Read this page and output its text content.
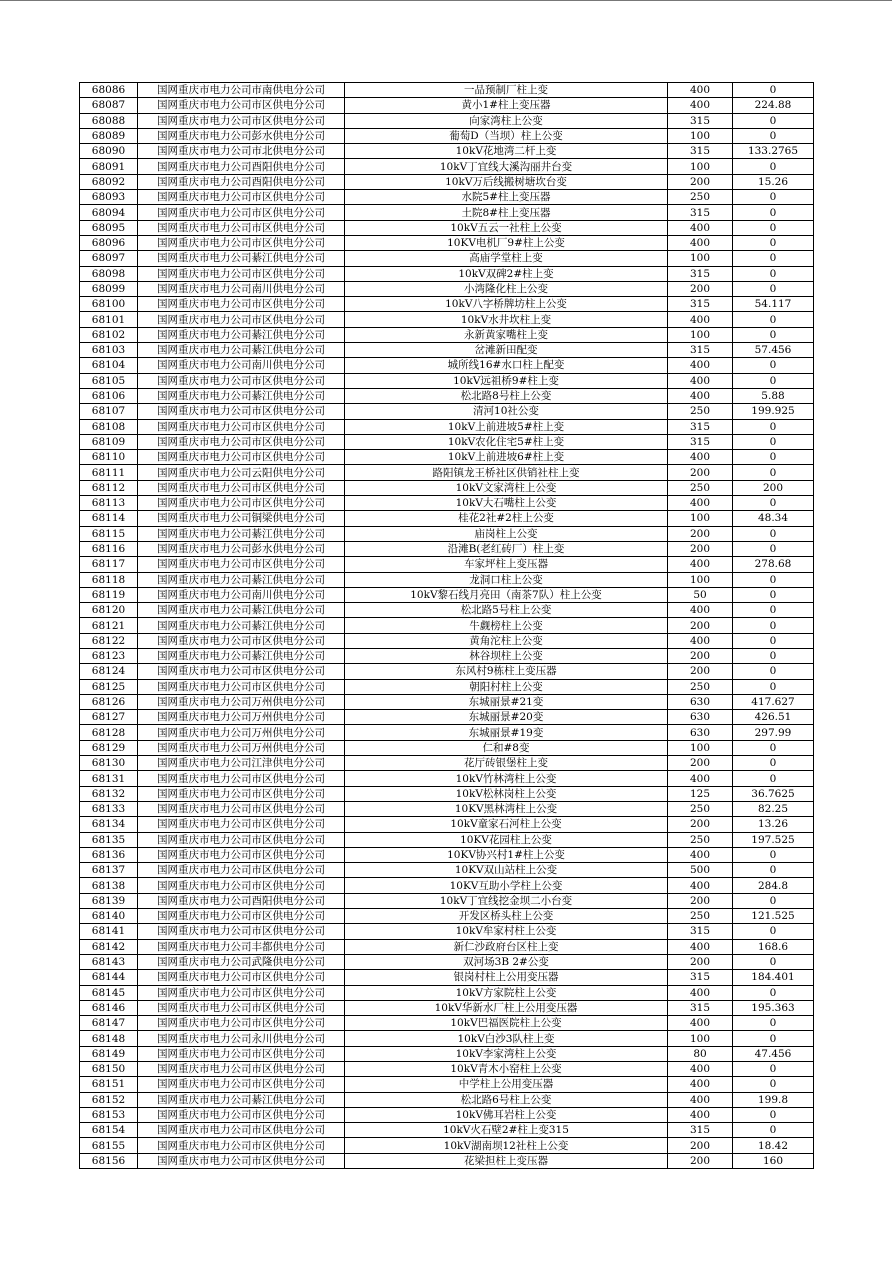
68086	国网重庆市电力公司市南供电分公司	一品预制厂柱上变	400	0
68087	国网重庆市电力公司市区供电分公司	黄小1#柱上变压器	400	224.88
68088	国网重庆市电力公司市区供电分公司	向家湾柱上公变	315	0
68089	国网重庆市电力公司彭水供电分公司	葡萄D（当坝）柱上公变	100	0
68090	国网重庆市电力公司市北供电分公司	10kV花地湾二杆上变	315	133.2765
68091	国网重庆市电力公司酉阳供电分公司	10kV丁宜线大溪沟丽井台变	100	0
68092	国网重庆市电力公司酉阳供电分公司	10kV万后线搬树塘坎台变	200	15.26
68093	国网重庆市电力公司市区供电分公司	水院5#柱上变压器	250	0
68094	国网重庆市电力公司市区供电分公司	土院8#柱上变压器	315	0
68095	国网重庆市电力公司市区供电分公司	10kV五云一社柱上公变	400	0
68096	国网重庆市电力公司市区供电分公司	10KV电机厂9#柱上公变	400	0
68097	国网重庆市电力公司綦江供电分公司	高庙学堂柱上变	100	0
68098	国网重庆市电力公司市区供电分公司	10kV双碑2#柱上变	315	0
68099	国网重庆市电力公司南川供电分公司	小湾隆化柱上公变	200	0
68100	国网重庆市电力公司市区供电分公司	10kV八字桥牌坊柱上公变	315	54.117
68101	国网重庆市电力公司市区供电分公司	10kV水井坎柱上变	400	0
68102	国网重庆市电力公司綦江供电分公司	永新黄家嘴柱上变	100	0
68103	国网重庆市电力公司綦江供电分公司	岔滩新田配变	315	57.456
68104	国网重庆市电力公司南川供电分公司	城所线16#水口柱上配变	400	0
68105	国网重庆市电力公司市区供电分公司	10kV远祖桥9#柱上变	400	0
68106	国网重庆市电力公司綦江供电分公司	松北路8号柱上公变	400	5.88
68107	国网重庆市电力公司市区供电分公司	清河10社公变	250	199.925
68108	国网重庆市电力公司市区供电分公司	10kV上前进坡5#柱上变	315	0
68109	国网重庆市电力公司市区供电分公司	10kV农化住宅5#柱上变	315	0
68110	国网重庆市电力公司市区供电分公司	10kV上前进坡6#柱上变	400	0
68111	国网重庆市电力公司云阳供电分公司	路阳镇龙王桥社区供销社柱上变	200	0
68112	国网重庆市电力公司市区供电分公司	10kV文家湾柱上公变	250	200
68113	国网重庆市电力公司市区供电分公司	10kV大石嘴柱上公变	400	0
68114	国网重庆市电力公司铜梁供电分公司	桂花2社#2柱上公变	100	48.34
68115	国网重庆市电力公司綦江供电分公司	庙岗柱上公变	200	0
68116	国网重庆市电力公司彭水供电分公司	沿滩B(老红砖厂）柱上变	200	0
68117	国网重庆市电力公司市区供电分公司	车家坪柱上变压器	400	278.68
68118	国网重庆市电力公司綦江供电分公司	龙洞口柱上公变	100	0
68119	国网重庆市电力公司南川供电分公司	10kV黎石线月亮田（南茶7队）柱上公变	50	0
68120	国网重庆市电力公司綦江供电分公司	松北路5号柱上公变	400	0
68121	国网重庆市电力公司綦江供电分公司	牛觑榜柱上公变	200	0
68122	国网重庆市电力公司市区供电分公司	黄角沱柱上公变	400	0
68123	国网重庆市电力公司綦江供电分公司	林谷坝柱上公变	200	0
68124	国网重庆市电力公司市区供电分公司	东风村9栋柱上变压器	200	0
68125	国网重庆市电力公司市区供电分公司	朝阳村柱上公变	250	0
68126	国网重庆市电力公司万州供电分公司	东城丽景#21变	630	417.627
68127	国网重庆市电力公司万州供电分公司	东城丽景#20变	630	426.51
68128	国网重庆市电力公司万州供电分公司	东城丽景#19变	630	297.99
68129	国网重庆市电力公司万州供电分公司	仁和#8变	100	0
68130	国网重庆市电力公司江津供电分公司	花厅砖银堡柱上变	200	0
68131	国网重庆市电力公司市区供电分公司	10kV竹林湾柱上公变	400	0
68132	国网重庆市电力公司市区供电分公司	10kV松林岗柱上公变	125	36.7625
68133	国网重庆市电力公司市区供电分公司	10KV黑林湾柱上公变	250	82.25
68134	国网重庆市电力公司市区供电分公司	10kV童家石河柱上公变	200	13.26
68135	国网重庆市电力公司市区供电分公司	10KV花园柱上公变	250	197.525
68136	国网重庆市电力公司市区供电分公司	10KV协兴村1#柱上公变	400	0
68137	国网重庆市电力公司市区供电分公司	10KV双山站柱上公变	500	0
68138	国网重庆市电力公司市区供电分公司	10KV互助小学柱上公变	400	284.8
68139	国网重庆市电力公司酉阳供电分公司	10kV丁宜线挖金坝二小台变	200	0
68140	国网重庆市电力公司市区供电分公司	开发区桥头柱上公变	250	121.525
68141	国网重庆市电力公司市区供电分公司	10kV牟家村柱上公变	315	0
68142	国网重庆市电力公司丰都供电分公司	新仁沙政府台区柱上变	400	168.6
68143	国网重庆市电力公司武隆供电分公司	双河场3B 2#公变	200	0
68144	国网重庆市电力公司市区供电分公司	银岗村柱上公用变压器	315	184.401
68145	国网重庆市电力公司市区供电分公司	10kV方家院柱上公变	400	0
68146	国网重庆市电力公司市区供电分公司	10kV华新水厂柱上公用变压器	315	195.363
68147	国网重庆市电力公司市区供电分公司	10kV巴福医院柱上公变	400	0
68148	国网重庆市电力公司永川供电分公司	10kV白沙3队柱上变	100	0
68149	国网重庆市电力公司市区供电分公司	10kV李家湾柱上公变	80	47.456
68150	国网重庆市电力公司市区供电分公司	10kV青木小窑柱上公变	400	0
68151	国网重庆市电力公司市区供电分公司	中学柱上公用变压器	400	0
68152	国网重庆市电力公司綦江供电分公司	松北路6号柱上公变	400	199.8
68153	国网重庆市电力公司市区供电分公司	10kV佛耳岩柱上公变	400	0
68154	国网重庆市电力公司市区供电分公司	10kV火石壁2#柱上变315	315	0
68155	国网重庆市电力公司市区供电分公司	10kV湖南坝12社柱上公变	200	18.42
68156	国网重庆市电力公司市区供电分公司	花梁担柱上变压器	200	160
